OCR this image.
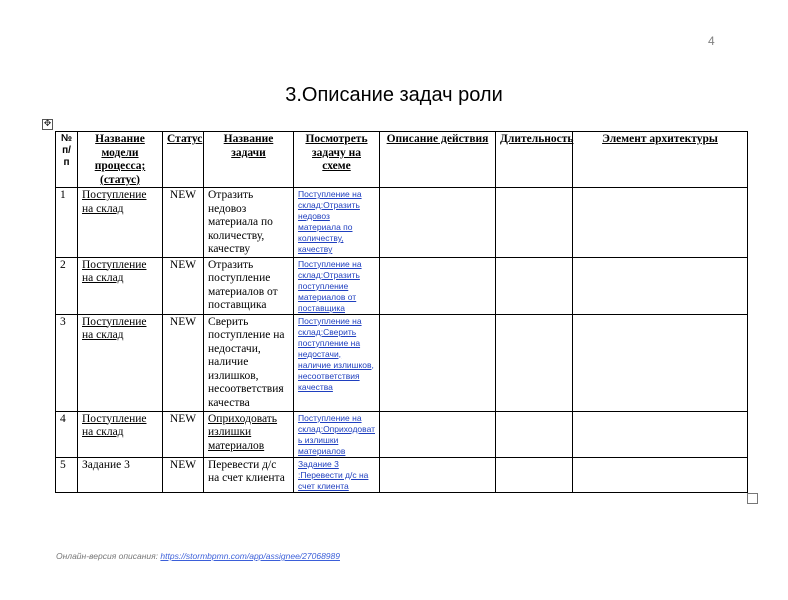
4
3.Описание задач роли
✥
№ п/п	Название модели процесса; (статус)	Статус	Название задачи	Посмотреть задачу на схеме	Описание действия	Длительность	Элемент архитектуры
1	Поступление на склад	NEW	Отразить недовоз материала по количеству, качеству	Поступление на склад:Отразить недовоз материала по количеству, качеству			

2	Поступление на склад	NEW	Отразить поступление материалов от поставщика	Поступление на склад:Отразить поступление материалов от поставщика			

3	Поступление на склад	NEW	Сверить поступление на недостачи, наличие излишков, несоответствия качества	Поступление на склад:Сверить поступление на недостачи, наличие излишков, несоответствия качества			

4	Поступление на склад	NEW	Оприходовать излишки материалов	Поступление на склад:Оприходовать излишки материалов			

5	Задание 3	NEW	Перевести д/с на счет клиента	Задание 3 :Перевести д/с на счет клиента			

Онлайн-версия описания: https://stormbpmn.com/app/assignee/27068989
